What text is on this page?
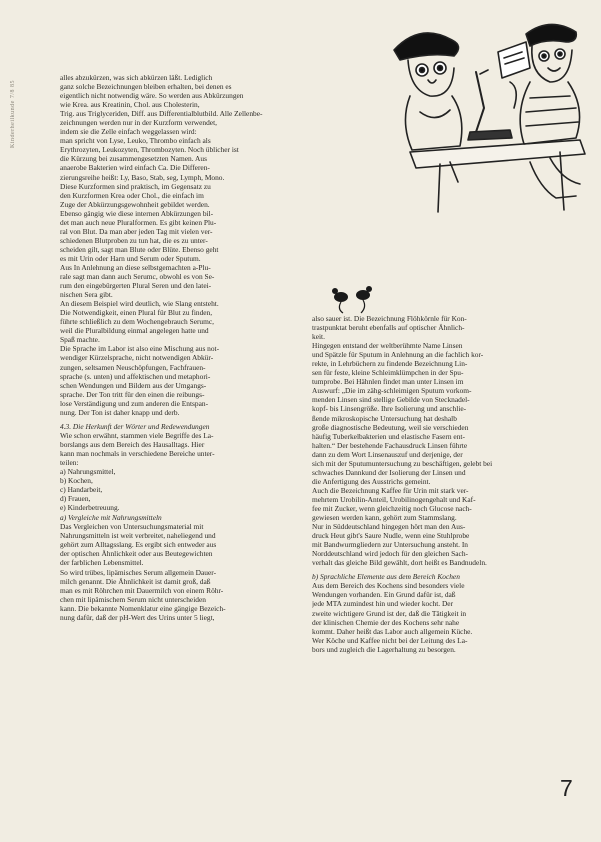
Kinderheilkunde 7/8 85

alles abzukürzen, was sich abkürzen läßt. Lediglich

ganz solche Bezeichnungen bleiben erhalten, bei denen es

eigentlich nicht notwendig wäre. So werden aus Abkürzungen

wie Krea. aus Kreatinin, Chol. aus Cholesterin,

Trig. aus Triglyceriden, Diff. aus Differentialblutbild. Alle Zellenbe-

zeichnungen werden nur in der Kurzform verwendet,

indem sie die Zelle einfach weggelassen wird:

man spricht von Lyse, Leuko, Thrombo einfach als

Erythrozyten, Leukozyten, Thrombozyten. Noch üblicher ist

die Kürzung bei zusammengesetzten Namen. Aus

anaerobe Bakterien wird einfach Ca. Die Differen-

zierungsreihe heißt: Ly, Baso, Stab, seg, Lymph, Mono.

Diese Kurzformen sind praktisch, im Gegensatz zu

den Kurzformen Krea oder Chol., die einfach im

Zuge der Abkürzungsgewohnheit gebildet werden.

Ebenso gängig wie diese internen Abkürzungen bil-

det man auch neue Pluralformen. Es gibt keinen Plu-

ral von Blut. Da man aber jeden Tag mit vielen ver-

schiedenen Blutproben zu tun hat, die es zu unter-

scheiden gilt, sagt man Blute oder Blüte. Ebenso geht

es mit Urin oder Harn und Serum oder Sputum.

Aus In Anlehnung an diese selbstgemachten a-Plu-

rale sagt man dann auch Serumc, obwohl es von Se-

rum den eingebürgerten Plural Seren und den latei-

nischen Sera gibt.

An diesem Beispiel wird deutlich, wie Slang entsteht.

Die Notwendigkeit, einen Plural für Blut zu finden,

führte schließlich zu dem Wochengebrauch Serumc,

weil die Pluralbildung einmal angelegen hatte und

Spaß machte.

Die Sprache im Labor ist also eine Mischung aus not-

wendiger Kürzelsprache, nicht notwendigen Abkür-

zungen, seltsamen Neuschöpfungen, Fachfrauen-

sprache (s. unten) und affektischen und metaphori-

schen Wendungen und Bildern aus der Umgangs-

sprache. Der Ton tritt für den einen die reibungs-

lose Verständigung und zum anderen die Entspan-

nung. Der Ton ist daher knapp und derb.

4.3. Die Herkunft der Wörter und Redewendungen

Wie schon erwähnt, stammen viele Begriffe des La-

borslangs aus dem Bereich des Hausalltags. Hier

kann man nochmals in verschiedene Bereiche unter-

teilen:

a) Nahrungsmittel,

b) Kochen,

c) Handarbeit,

d) Frauen,

e) Kinderbetreuung.

a) Vergleiche mit Nahrungsmitteln

Das Vergleichen von Untersuchungsmaterial mit

Nahrungsmitteln ist weit verbreitet, naheliegend und

gehört zum Alltagsslang. Es ergibt sich entweder aus

der optischen Ähnlichkeit oder aus Beutegewichten

der farblichen Lebensmittel.

So wird trübes, lipämisches Serum allgemein Dauer-

milch genannt. Die Ähnlichkeit ist damit groß, daß

man es mit Röhrchen mit Dauermilch von einem Röhr-

chen mit lipämischem Serum nicht unterscheiden

kann. Die bekannte Nomenklatur eine gängige Bezeich-

nung dafür, daß der pH-Wert des Urins unter 5 liegt,

also sauer ist. Die Bezeichnung Flöhkörnle für Kon-

trastpunktat beruht ebenfalls auf optischer Ähnlich-

keit.

Hingegen entstand der weltberühmte Name Linsen

und Spätzle für Sputum in Anlehnung an die fachlich kor-

rekte, in Lehrbüchern zu findende Bezeichnung Lin-

sen für feste, kleine Schleimklümpchen in der Spu-

tumprobe. Bei Hähnlen findet man unter Linsen im

Auswurf: „Die im zähg-schleimigen Sputum vorkom-

menden Linsen sind stellige Gebilde von Stecknadel-

kopf- bis Linsengröße. Ihre Isolierung und anschlie-

ßende mikroskopische Untersuchung hat deshalb

große diagnostische Bedeutung, weil sie verschieden

häufig Tuberkelbakterien und elastische Fasern ent-

halten.“ Der bestehende Fachausdruck Linsen führte

dann zu dem Wort Linsenauszuf und derjenige, der

sich mit der Sputumuntersuchung zu beschäftigen, gelebt bei

schwaches Dannkund der Isolierung der Linsen und

die Anfertigung des Ausstrichs gemeint.

Auch die Bezeichnung Kaffee für Urin mit stark ver-

mehrtem Urobilin-Anteil, Urobilinogengehalt und Kaf-

fee mit Zucker, wenn gleichzeitig noch Glucose nach-

gewiesen werden kann, gehört zum Stammslang.

Nur in Süddeutschland hingegen hört man den Aus-

druck Heut gibt's Saure Nudle, wenn eine Stuhlprobe

mit Bandwurmgliedern zur Untersuchung ansteht. In

Norddeutschland wird jedoch für den gleichen Sach-

verhalt das gleiche Bild gewählt, dort heißt es Bandnudeln.

b) Sprachliche Elemente aus dem Bereich Kochen

Aus dem Bereich des Kochens sind besonders viele

Wendungen vorhanden. Ein Grund dafür ist, daß

jede MTA zumindest hin und wieder kocht. Der

zweite wichtigere Grund ist der, daß die Tätigkeit in

der klinischen Chemie der des Kochens sehr nahe

kommt. Daher heißt das Labor auch allgemein Küche.

Wer Köche und Kaffee nicht bei der Leitung des La-

bors und zugleich die Lagerhaltung zu besorgen.

7
